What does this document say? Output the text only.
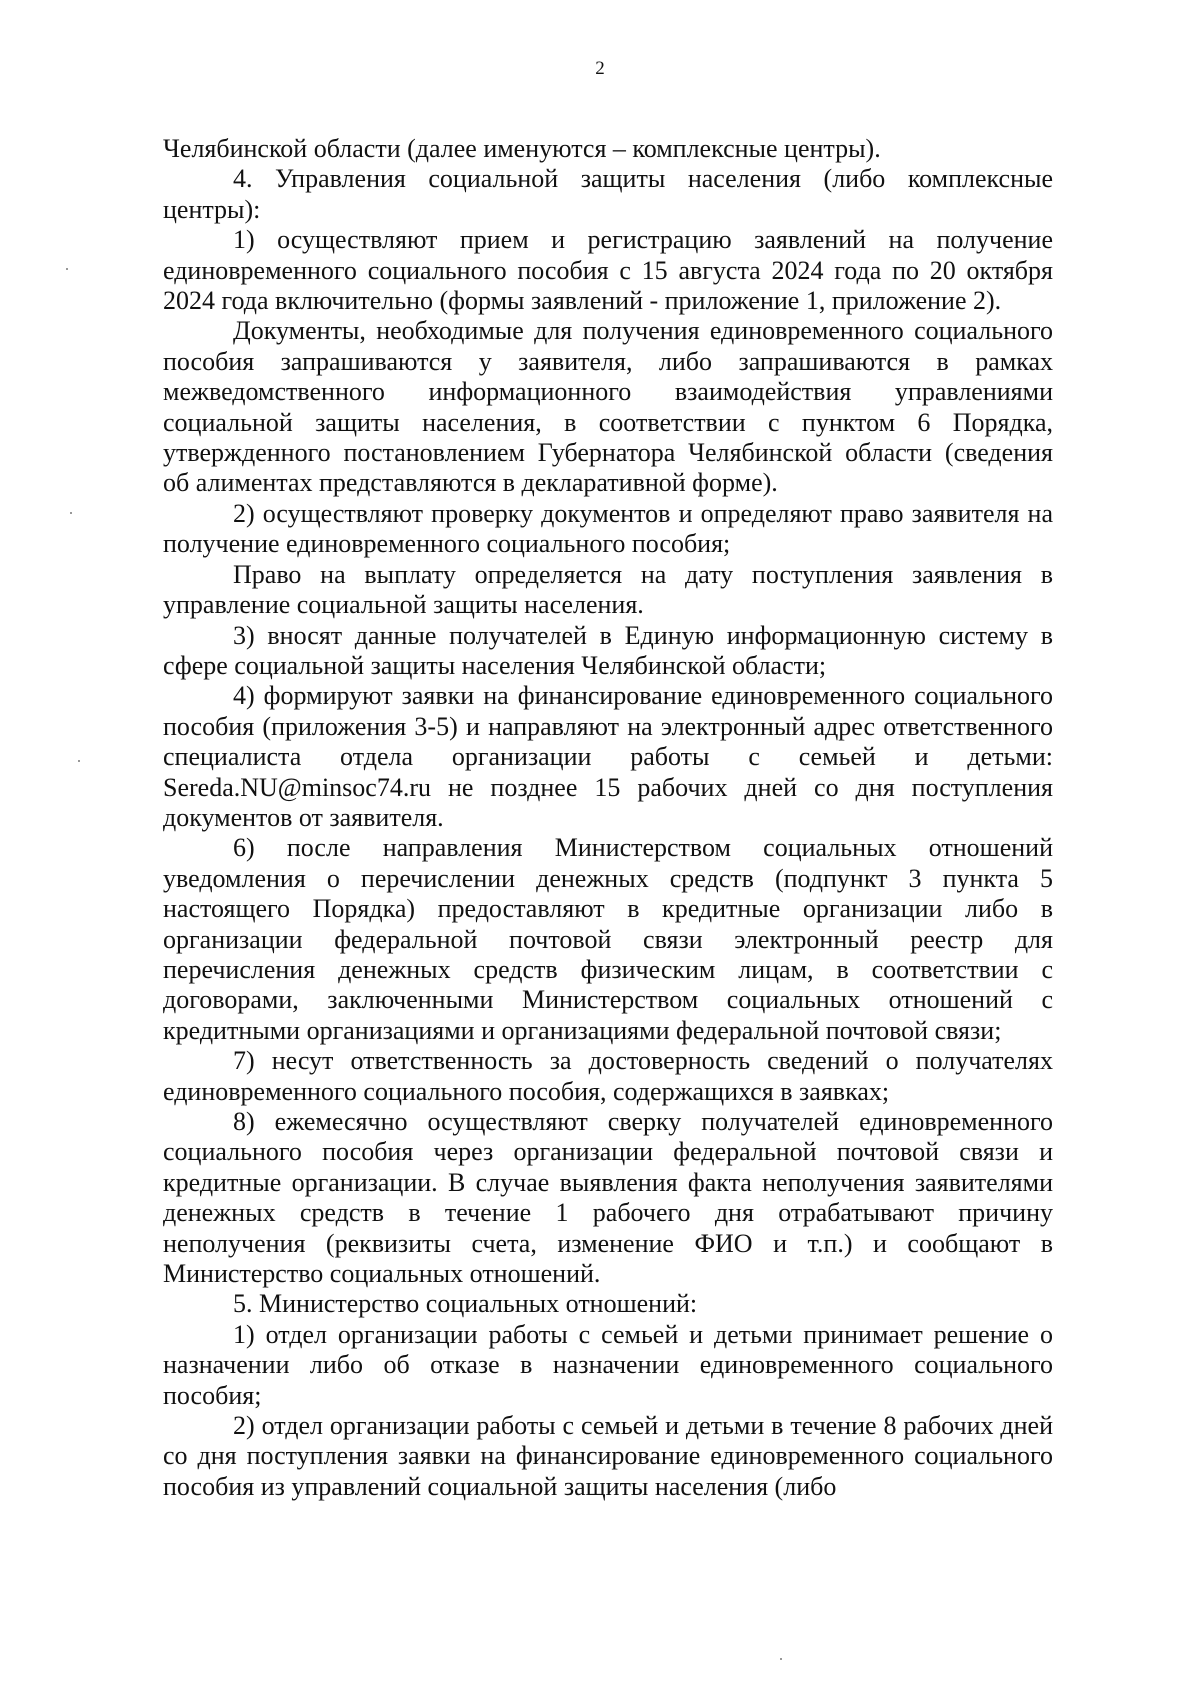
2

Челябинской области (далее именуются – комплексные центры).

4. Управления социальной защиты населения (либо комплексные центры):

1) осуществляют прием и регистрацию заявлений на получение единовременного социального пособия с 15 августа 2024 года по 20 октября 2024 года включительно (формы заявлений - приложение 1, приложение 2).

Документы, необходимые для получения единовременного социального пособия запрашиваются у заявителя, либо запрашиваются в рамках межведомственного информационного взаимодействия управлениями социальной защиты населения, в соответствии с пунктом 6 Порядка, утвержденного постановлением Губернатора Челябинской области (сведения об алиментах представляются в декларативной форме).

2) осуществляют проверку документов и определяют право заявителя на получение единовременного социального пособия;

Право на выплату определяется на дату поступления заявления в управление социальной защиты населения.

3) вносят данные получателей в Единую информационную систему в сфере социальной защиты населения Челябинской области;

4) формируют заявки на финансирование единовременного социального пособия (приложения 3-5) и направляют на электронный адрес ответственного специалиста отдела организации работы с семьей и детьми: Sereda.NU@minsoc74.ru не позднее 15 рабочих дней со дня поступления документов от заявителя.

6) после направления Министерством социальных отношений уведомления о перечислении денежных средств (подпункт 3 пункта 5 настоящего Порядка) предоставляют в кредитные организации либо в организации федеральной почтовой связи электронный реестр для перечисления денежных средств физическим лицам, в соответствии с договорами, заключенными Министерством социальных отношений с кредитными организациями и организациями федеральной почтовой связи;

7) несут ответственность за достоверность сведений о получателях единовременного социального пособия, содержащихся в заявках;

8) ежемесячно осуществляют сверку получателей единовременного социального пособия через организации федеральной почтовой связи и кредитные организации. В случае выявления факта неполучения заявителями денежных средств в течение 1 рабочего дня отрабатывают причину неполучения (реквизиты счета, изменение ФИО и т.п.) и сообщают в Министерство социальных отношений.

5. Министерство социальных отношений:

1) отдел организации работы с семьей и детьми принимает решение о назначении либо об отказе в назначении единовременного социального пособия;

2) отдел организации работы с семьей и детьми в течение 8 рабочих дней со дня поступления заявки на финансирование единовременного социального пособия из управлений социальной защиты населения (либо
